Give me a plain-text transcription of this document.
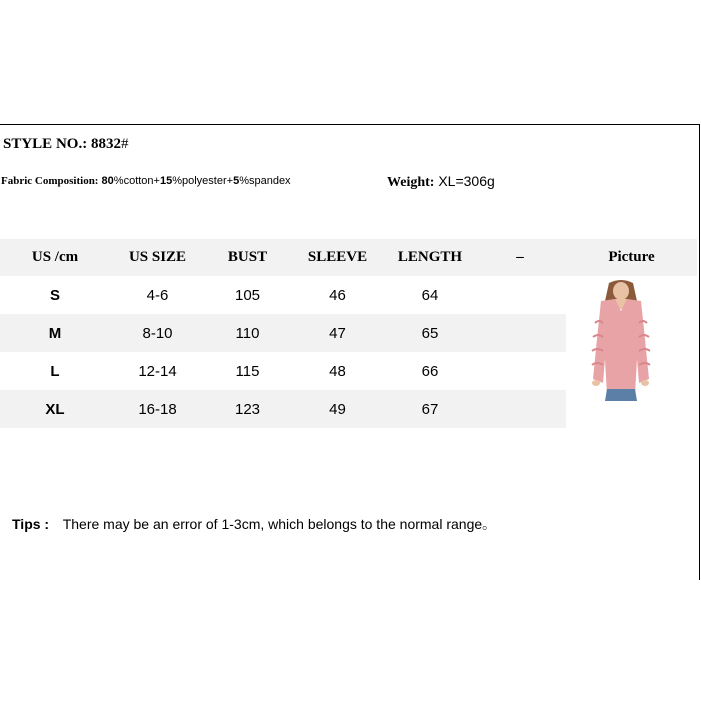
STYLE NO.: 8832#
Fabric Composition: 80%cotton+15%polyester+5%spandex	Weight: XL=306g
US /cm	US SIZE	BUST	SLEEVE	LENGTH	–	Picture
S	4-6	105	46	64
M	8-10	110	47	65
L	12-14	115	48	66
XL	16-18	123	49	67
Tips : There may be an error of 1-3cm, which belongs to the normal range。
